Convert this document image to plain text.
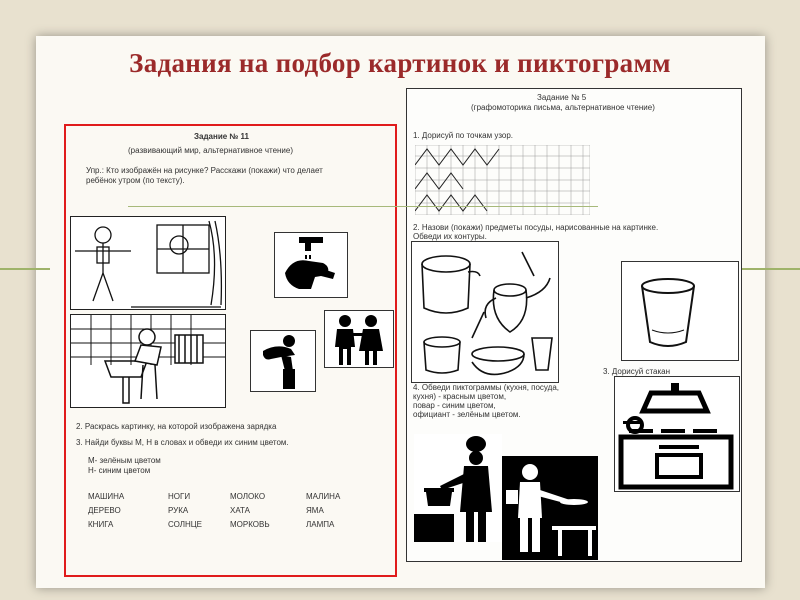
Задания на подбор картинок и пиктограмм
Задание № 5
(графомоторика письма, альтернативное чтение)
1. Дорисуй по точкам узор.
2. Назови (покажи) предметы посуды, нарисованные на картинке.
Обведи их контуры.
3. Дорисуй стакан
4. Обведи пиктограммы (кухня, посуда,
кухня) - красным цветом,
повар - синим цветом,
официант - зелёным цветом.
Задание № 11
(развивающий мир, альтернативное чтение)
Упр.: Кто изображён на рисунке? Расскажи (покажи) что делает
ребёнок утром (по тексту).
2. Раскрась картинку, на которой изображена зарядка
3. Найди буквы М, Н в словах и обведи их синим цветом.
М- зелёным цветом
Н- синим цветом
МАШИНА	НОГИ	МОЛОКО	МАЛИНА
ДЕРЕВО	РУКА	ХАТА	ЯМА
КНИГА	СОЛНЦЕ	МОРКОВЬ	ЛАМПА
